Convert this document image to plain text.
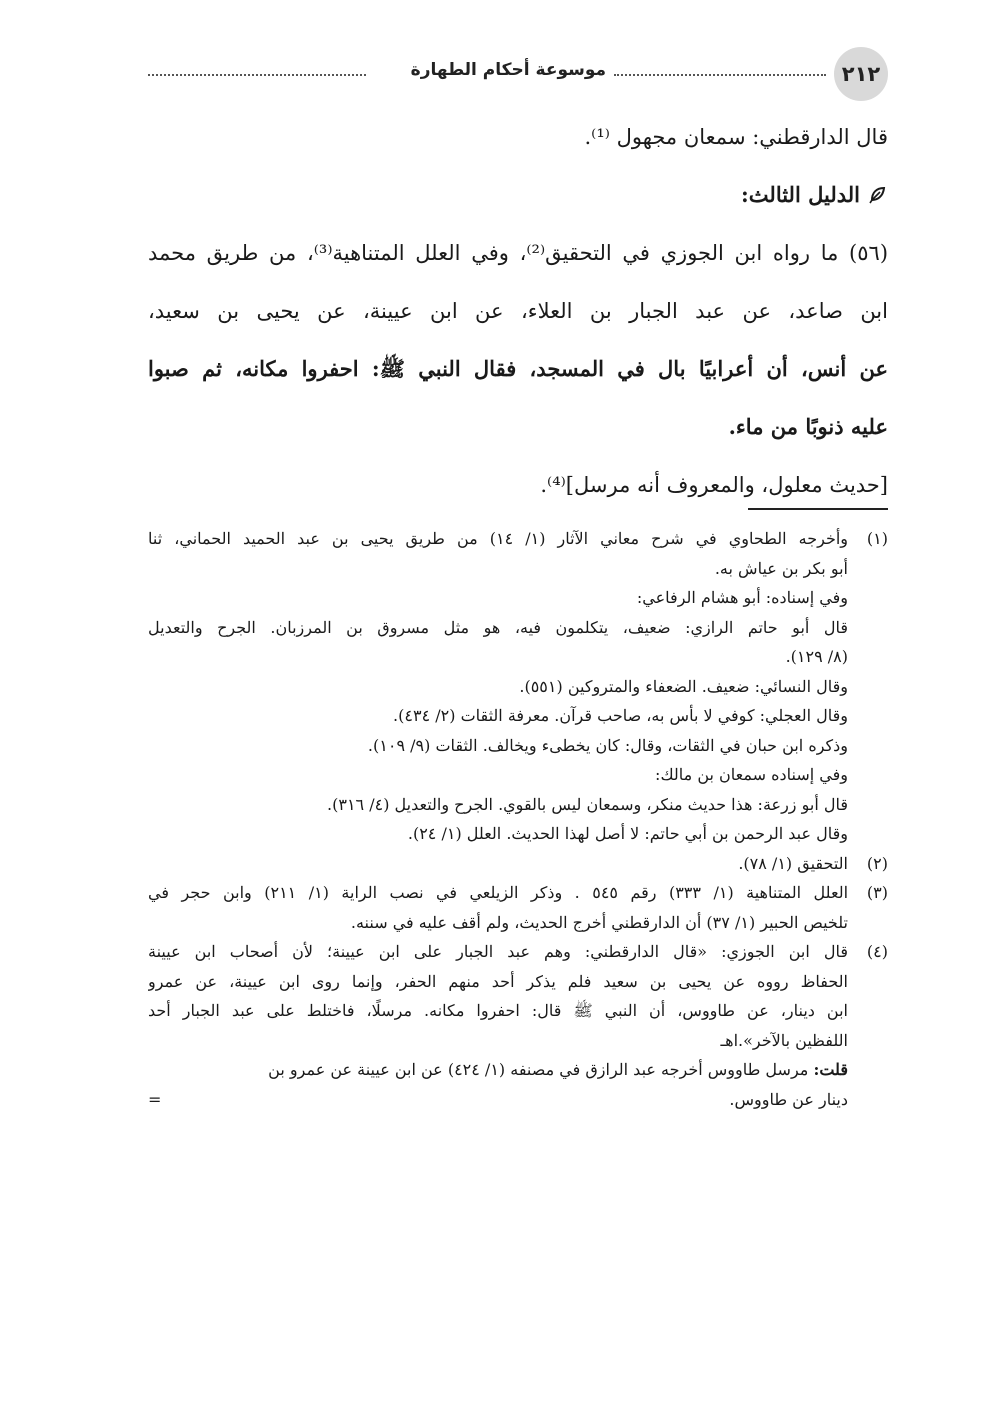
٢١٢
موسوعة أحكام الطهارة
قال الدارقطني: سمعان مجهول ⁽¹⁾.
الدليل الثالث:
(٥٦) ما رواه ابن الجوزي في التحقيق⁽²⁾، وفي العلل المتناهية⁽³⁾، من طريق محمد
ابن صاعد، عن عبد الجبار بن العلاء، عن ابن عيينة، عن يحيى بن سعيد،
عن أنس، أن أعرابيًا بال في المسجد، فقال النبي ﷺ: احفروا مكانه، ثم صبوا
عليه ذنوبًا من ماء.
[حديث معلول، والمعروف أنه مرسل]⁽⁴⁾.
(١)
وأخرجه الطحاوي في شرح معاني الآثار (١/ ١٤) من طريق يحيى بن عبد الحميد الحماني، ثنا
أبو بكر بن عياش به.
وفي إسناده: أبو هشام الرفاعي:
قال أبو حاتم الرازي: ضعيف، يتكلمون فيه، هو مثل مسروق بن المرزبان. الجرح والتعديل
(٨/ ١٢٩).
وقال النسائي: ضعيف. الضعفاء والمتروكين (٥٥١).
وقال العجلي: كوفي لا بأس به، صاحب قرآن. معرفة الثقات (٢/ ٤٣٤).
وذكره ابن حبان في الثقات، وقال: كان يخطىء ويخالف. الثقات (٩/ ١٠٩).
وفي إسناده سمعان بن مالك:
قال أبو زرعة: هذا حديث منكر، وسمعان ليس بالقوي. الجرح والتعديل (٤/ ٣١٦).
وقال عبد الرحمن بن أبي حاتم: لا أصل لهذا الحديث. العلل (١/ ٢٤).
(٢)
التحقيق (١/ ٧٨).
(٣)
العلل المتناهية (١/ ٣٣٣) رقم ٥٤٥ . وذكر الزيلعي في نصب الراية (١/ ٢١١) وابن حجر في
تلخيص الحبير (١/ ٣٧) أن الدارقطني أخرج الحديث، ولم أقف عليه في سننه.
(٤)
قال ابن الجوزي: «قال الدارقطني: وهم عبد الجبار على ابن عيينة؛ لأن أصحاب ابن عيينة
الحفاظ رووه عن يحيى بن سعيد فلم يذكر أحد منهم الحفر، وإنما روى ابن عيينة، عن عمرو
ابن دينار، عن طاووس، أن النبي ﷺ قال: احفروا مكانه. مرسلًا، فاختلط على عبد الجبار أحد
اللفظين بالآخر».اهـ
قلت: مرسل طاووس أخرجه عبد الرازق في مصنفه (١/ ٤٢٤) عن ابن عيينة عن عمرو بن
دينار عن طاووس.
=
